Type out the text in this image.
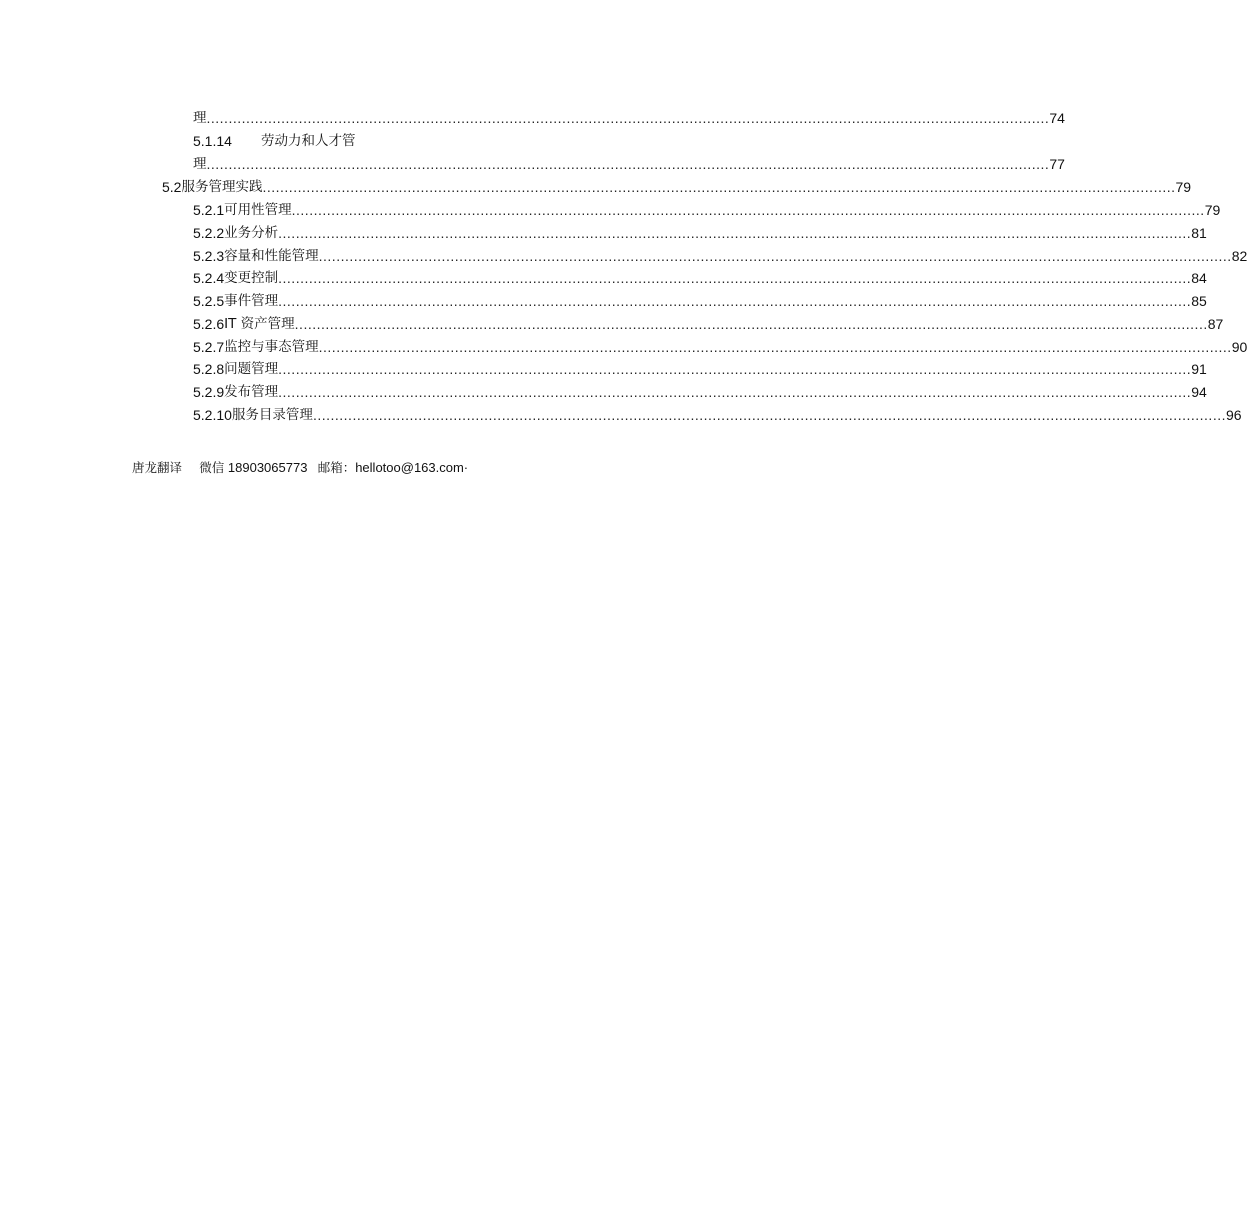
理 ................................................................................................................................................................................................ 74
5.1.14 劳动力和人才管
理 ................................................................................................................................................................................................ 77
5.2 服务管理实践 ................................................................................................................................................................................................................ 79
5.2.1 可用性管理 ................................................................................................................................................................................................................ 79
5.2.2 业务分析 ................................................................................................................................................................................................................ 81
5.2.3 容量和性能管理 ................................................................................................................................................................................................................ 82
5.2.4 变更控制 ................................................................................................................................................................................................................ 84
5.2.5 事件管理 ................................................................................................................................................................................................................ 85
5.2.6 IT 资产管理 ................................................................................................................................................................................................................ 87
5.2.7 监控与事态管理 ................................................................................................................................................................................................................ 90
5.2.8 问题管理 ................................................................................................................................................................................................................ 91
5.2.9 发布管理 ................................................................................................................................................................................................................ 94
5.2.10 服务目录管理 ................................................................................................................................................................................................................ 96
唐龙翻译 微信 18903065773 邮箱：hellotoo@163.com·
